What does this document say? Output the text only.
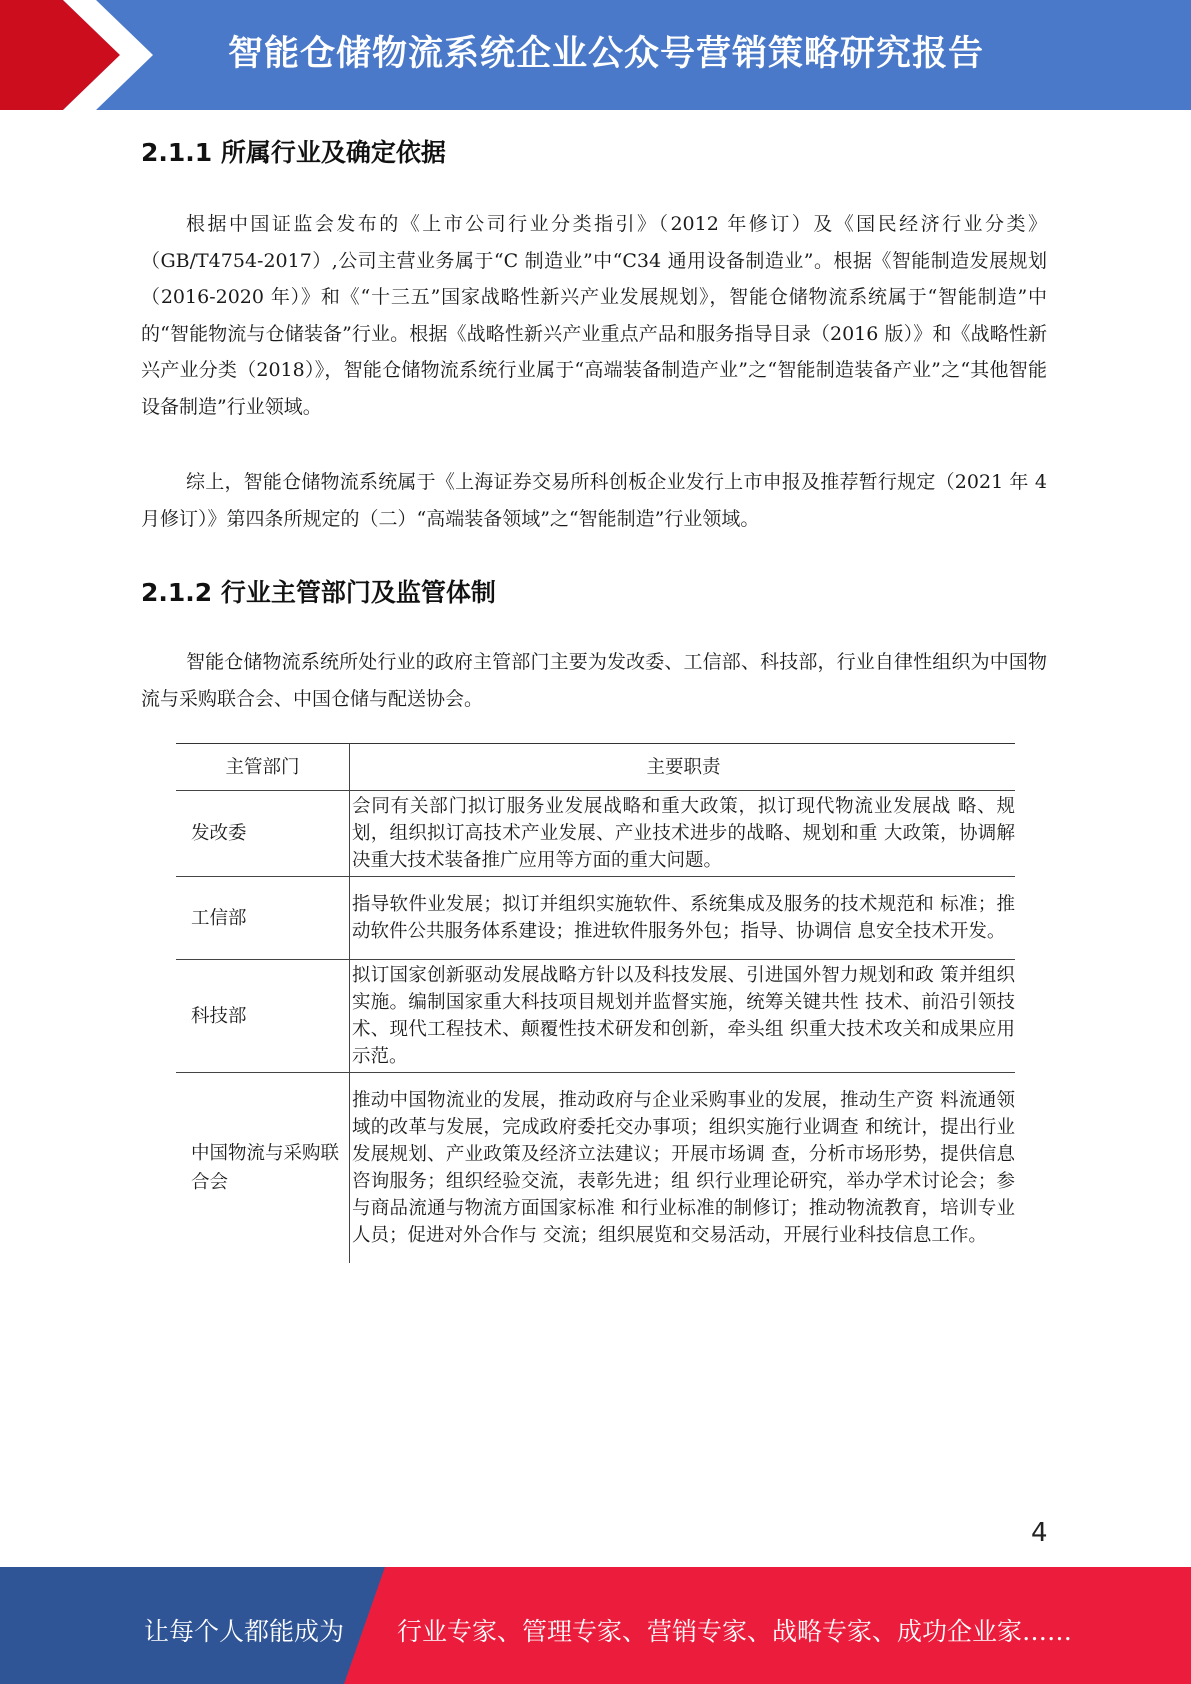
智能仓储物流系统企业公众号营销策略研究报告
2.1.1 所属行业及确定依据

根据中国证监会发布的《上市公司行业分类指引》（2012 年修订）及《国民经济行业分类》（GB/T4754-2017）,公司主营业务属于“C 制造业”中“C34 通用设备制造业”。根据《智能制造发展规划（2016-2020 年）》和《“十三五”国家战略性新兴产业发展规划》，智能仓储物流系统属于“智能制造”中的“智能物流与仓储装备”行业。根据《战略性新兴产业重点产品和服务指导目录（2016 版）》和《战略性新兴产业分类（2018）》，智能仓储物流系统行业属于“高端装备制造产业”之“智能制造装备产业”之“其他智能设备制造”行业领域。

综上，智能仓储物流系统属于《上海证券交易所科创板企业发行上市申报及推荐暂行规定（2021 年 4 月修订）》第四条所规定的（二）“高端装备领域”之“智能制造”行业领域。

2.1.2 行业主管部门及监管体制

智能仓储物流系统所处行业的政府主管部门主要为发改委、工信部、科技部，行业自律性组织为中国物流与采购联合会、中国仓储与配送协会。

主管部门	主要职责
发改委	会同有关部门拟订服务业发展战略和重大政策，拟订现代物流业发展战 略、规划，组织拟订高技术产业发展、产业技术进步的战略、规划和重 大政策，协调解决重大技术装备推广应用等方面的重大问题。
工信部	指导软件业发展；拟订并组织实施软件、系统集成及服务的技术规范和 标准；推动软件公共服务体系建设；推进软件服务外包；指导、协调信 息安全技术开发。
科技部	拟订国家创新驱动发展战略方针以及科技发展、引进国外智力规划和政 策并组织实施。编制国家重大科技项目规划并监督实施，统筹关键共性 技术、前沿引领技术、现代工程技术、颠覆性技术研发和创新，牵头组 织重大技术攻关和成果应用示范。
中国物流与采购联合会	推动中国物流业的发展，推动政府与企业采购事业的发展，推动生产资 料流通领域的改革与发展，完成政府委托交办事项；组织实施行业调查 和统计，提出行业发展规划、产业政策及经济立法建议；开展市场调 查，分析市场形势，提供信息咨询服务；组织经验交流，表彰先进；组 织行业理论研究，举办学术讨论会；参与商品流通与物流方面国家标准 和行业标准的制修订；推动物流教育，培训专业人员；促进对外合作与 交流；组织展览和交易活动，开展行业科技信息工作。
4
让每个人都能成为 行业专家、管理专家、营销专家、战略专家、成功企业家……
